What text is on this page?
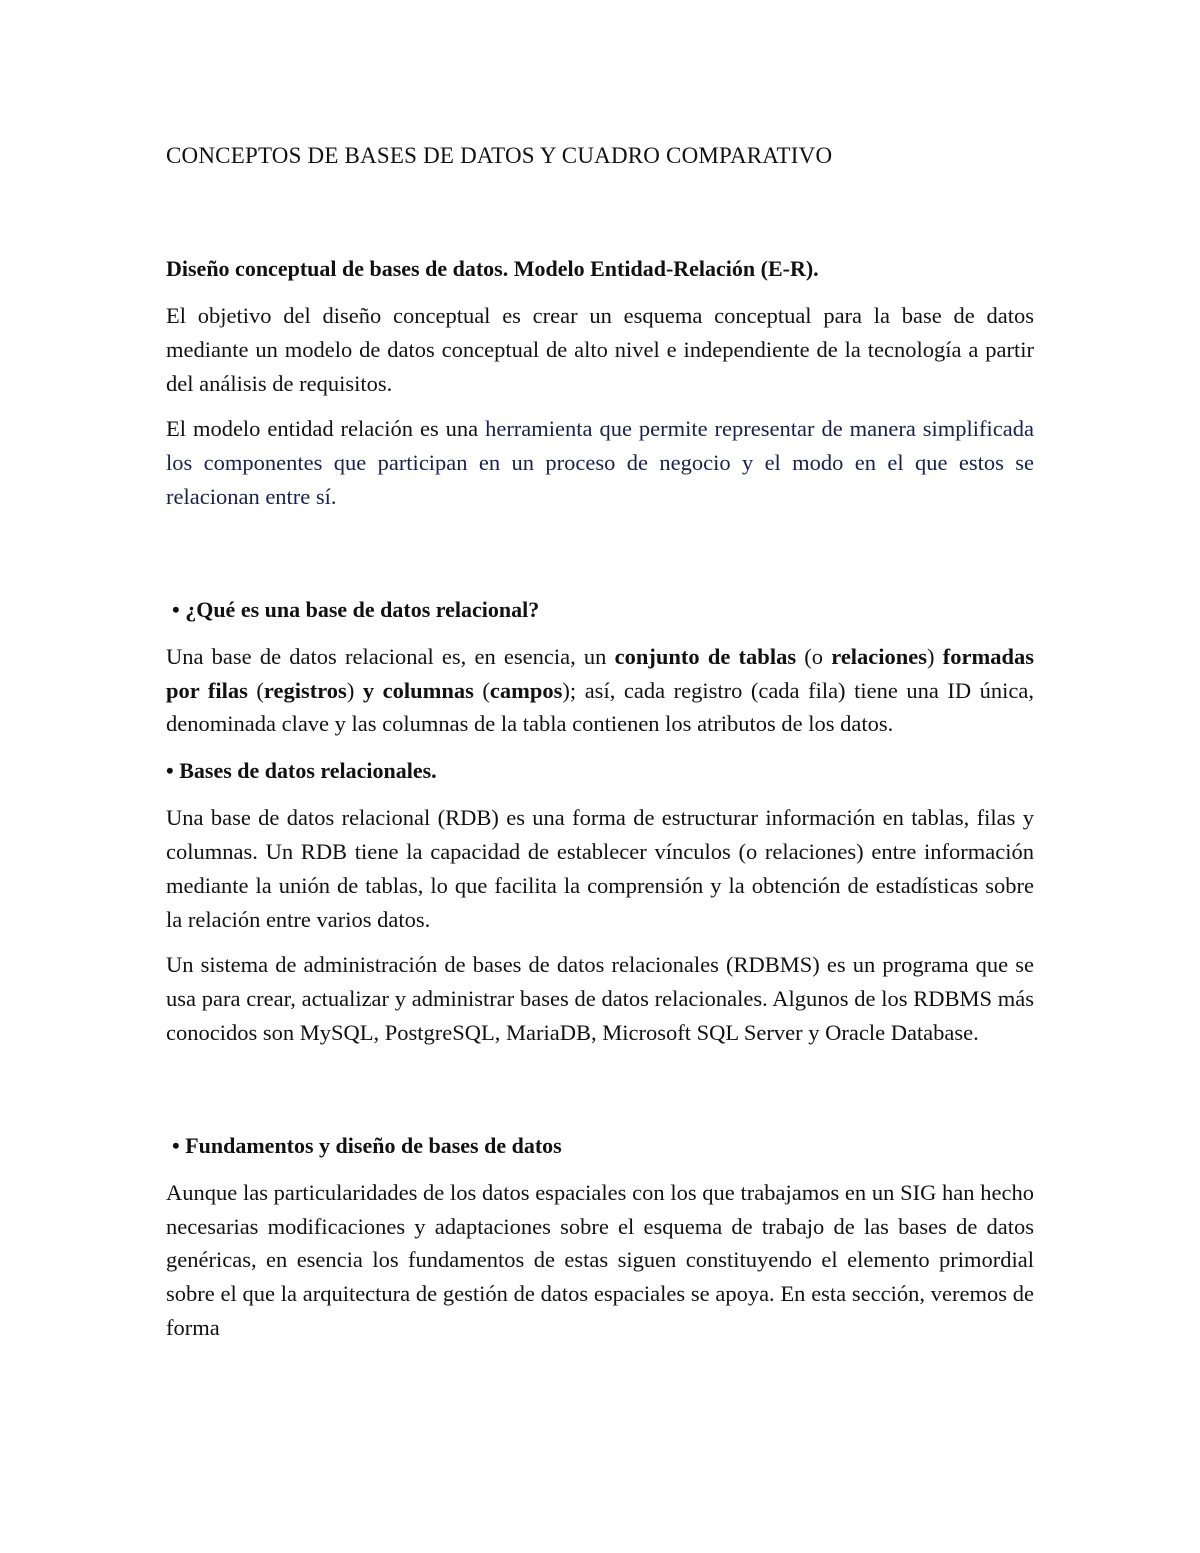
CONCEPTOS DE BASES DE DATOS Y CUADRO COMPARATIVO
Diseño conceptual de bases de datos. Modelo Entidad-Relación (E-R).

El objetivo del diseño conceptual es crear un esquema conceptual para la base de datos mediante un modelo de datos conceptual de alto nivel e independiente de la tecnología a partir del análisis de requisitos.

El modelo entidad relación es una herramienta que permite representar de manera simplificada los componentes que participan en un proceso de negocio y el modo en el que estos se relacionan entre sí.

• ¿Qué es una base de datos relacional?

Una base de datos relacional es, en esencia, un conjunto de tablas (o relaciones) formadas por filas (registros) y columnas (campos); así, cada registro (cada fila) tiene una ID única, denominada clave y las columnas de la tabla contienen los atributos de los datos.

• Bases de datos relacionales.

Una base de datos relacional (RDB) es una forma de estructurar información en tablas, filas y columnas. Un RDB tiene la capacidad de establecer vínculos (o relaciones) entre información mediante la unión de tablas, lo que facilita la comprensión y la obtención de estadísticas sobre la relación entre varios datos.

Un sistema de administración de bases de datos relacionales (RDBMS) es un programa que se usa para crear, actualizar y administrar bases de datos relacionales. Algunos de los RDBMS más conocidos son MySQL, PostgreSQL, MariaDB, Microsoft SQL Server y Oracle Database.

• Fundamentos y diseño de bases de datos

Aunque las particularidades de los datos espaciales con los que trabajamos en un SIG han hecho necesarias modificaciones y adaptaciones sobre el esquema de trabajo de las bases de datos genéricas, en esencia los fundamentos de estas siguen constituyendo el elemento primordial sobre el que la arquitectura de gestión de datos espaciales se apoya. En esta sección, veremos de forma
